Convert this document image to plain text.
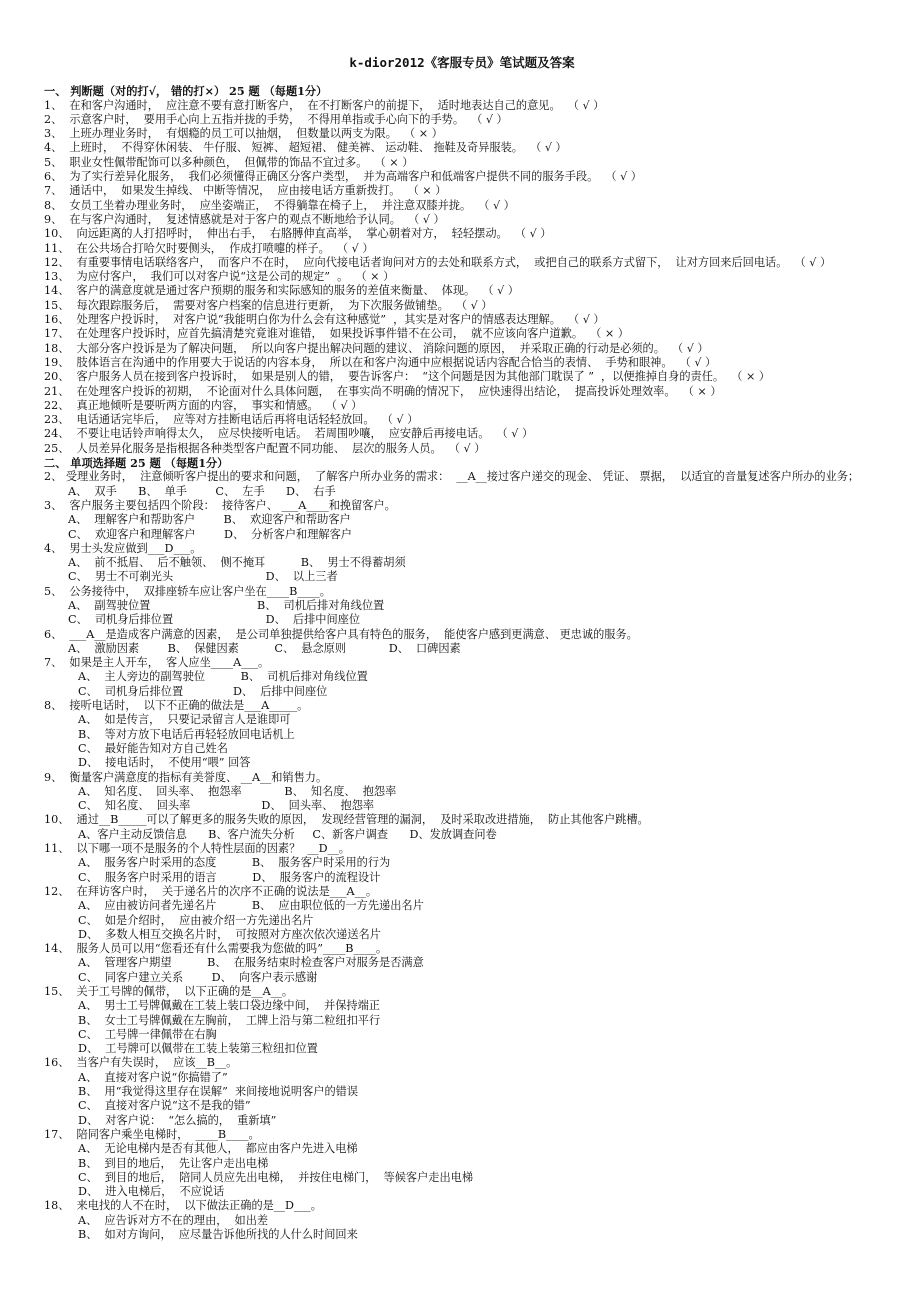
k-dior2012《客服专员》笔试题及答案
一、 判断题（对的打√， 错的打×） 25 题 （每题1分）
1、  在和客户沟通时，  应注意不要有意打断客户，  在不打断客户的前提下，  适时地表达自己的意见。  （ √ ）
2、  示意客户时，  要用手心向上五指并拢的手势，  不得用单指或手心向下的手势。  （ √ ）
3、  上班办理业务时，  有烟瘾的员工可以抽烟，  但数量以两支为限。  （ × ）
4、  上班时，  不得穿休闲装、 牛仔服、 短裤、 超短裙、 健美裤、 运动鞋、 拖鞋及奇异服装。  （ √ ）
5、  职业女性佩带配饰可以多种颜色，  但佩带的饰品不宜过多。  （ × ）
6、  为了实行差异化服务，  我们必须懂得正确区分客户类型，  并为高端客户和低端客户提供不同的服务手段。  （ √ ）
7、  通话中，  如果发生掉线、 中断等情况，  应由接电话方重新拨打。  （ × ）
8、  女员工坐着办理业务时，  应坐姿端正，  不得躺靠在椅子上，  并注意双膝并拢。  （ √ ）
9、  在与客户沟通时，  复述情感就是对于客户的观点不断地给予认同。  （ √ ）
10、  向远距离的人打招呼时，  伸出右手，  右胳膊伸直高举，  掌心朝着对方，  轻轻摆动。  （ √ ）
11、  在公共场合打哈欠时要侧头，  作成打喷嚏的样子。  （ √ ）
12、  有重要事情电话联络客户，  而客户不在时，  应向代接电话者询问对方的去处和联系方式，  或把自己的联系方式留下，  让对方回来后回电话。  （ √ ）
13、  为应付客户，  我们可以对客户说“这是公司的规定”  。  （ × ）
14、  客户的满意度就是通过客户预期的服务和实际感知的服务的差值来衡量、  体现。  （ √ ）
15、  每次跟踪服务后，  需要对客户档案的信息进行更新，  为下次服务做铺垫。  （ √ ）
16、  处理客户投诉时，  对客户说“我能明白你为什么会有这种感觉”  ，其实是对客户的情感表达理解。  （ √ ）
17、  在处理客户投诉时，应首先搞清楚究竟谁对谁错，  如果投诉事件错不在公司，  就不应该向客户道歉。  （ × ）
18、  大部分客户投诉是为了解决问题，  所以向客户提出解决问题的建议、 消除问题的原因，  并采取正确的行动是必须的。  （ √ ）
19、  肢体语言在沟通中的作用要大于说话的内容本身，  所以在和客户沟通中应根据说话内容配合恰当的表情、  手势和眼神。  （ √ ）
20、  客户服务人员在接到客户投诉时，  如果是别人的错，  要告诉客户：  “这个问题是因为其他部门耽误了 ”  ，以便推掉自身的责任。  （ × ）
21、  在处理客户投诉的初期，  不论面对什么具体问题，  在事实尚不明确的情况下，  应快速得出结论，  提高投诉处理效率。  （ × ）
22、  真正地倾听是要听两方面的内容，  事实和情感。  （ √ ）
23、  电话通话完毕后，  应等对方挂断电话后再将电话轻轻放回。  （ √ ）
24、  不要让电话铃声响得太久，  应尽快接听电话。  若周围吵嚷，  应安静后再接电话。  （ √ ）
25、  人员差异化服务是指根据各种类型客户配置不同功能、  层次的服务人员。  （ √ ）
二、 单项选择题 25 题 （每题1分）
2、 受理业务时，  注意倾听客户提出的要求和问题，  了解客户所办业务的需求：  __A__接过客户递交的现金、 凭证、 票据，  以适宜的音量复述客户所办的业务；
A、  双手      B、  单手        C、  左手      D、  右手
3、  客户服务主要包括四个阶段：  接待客户、 ___A____和挽留客户。
A、  理解客户和帮助客户        B、  欢迎客户和帮助客户
C、  欢迎客户和理解客户        D、  分析客户和理解客户
4、  男士头发应做到___D___。
A、  前不抵眉、  后不触领、  侧不掩耳          B、  男士不得蓄胡须
C、  男士不可剃光头                          D、  以上三者
5、  公务接待中，  双排座轿车应让客户坐在____B____。
A、  副驾驶位置                              B、  司机后排对角线位置
C、  司机身后排位置                          D、  后排中间座位
6、  ___A__是造成客户满意的因素，  是公司单独提供给客户具有特色的服务，  能使客户感到更满意、 更忠诚的服务。
A、  激励因素        B、  保健因素          C、  悬念原则            D、  口碑因素
7、  如果是主人开车，  客人应坐____A___。
A、  主人旁边的副驾驶位          B、  司机后排对角线位置
C、  司机身后排位置              D、  后排中间座位
8、  接听电话时，  以下不正确的做法是___A_____。
A、  如是传言，  只要记录留言人是谁即可
B、  等对方放下电话后再轻轻放回电话机上
C、  最好能告知对方自己姓名
D、  接电话时，  不使用“喂” 回答
9、  衡量客户满意度的指标有美誉度、 __A__和销售力。
A、  知名度、  回头率、  抱怨率            B、  知名度、  抱怨率
C、  知名度、  回头率                    D、  回头率、  抱怨率
10、  通过__B_____可以了解更多的服务失败的原因，  发现经营管理的漏洞，  及时采取改进措施，  防止其他客户跳槽。
A、客户主动反馈信息      B、客户流失分析     C、新客户调查      D、发放调查问卷
11、  以下哪一项不是服务的个人特性层面的因素？  __D__。
A、  服务客户时采用的态度          B、  服务客户时采用的行为
C、  服务客户时采用的语言          D、  服务客户的流程设计
12、  在拜访客户时，  关于递名片的次序不正确的说法是___A__。
A、  应由被访问者先递名片          B、  应由职位低的一方先递出名片
C、  如是介绍时，  应由被介绍一方先递出名片
D、  多数人相互交换名片时，  可按照对方座次依次递送名片
14、  服务人员可以用“您看还有什么需要我为您做的吗”____B____。
A、  管理客户期望          B、  在服务结束时检查客户对服务是否满意
C、  同客户建立关系        D、  向客户表示感谢
15、  关于工号牌的佩带，  以下正确的是__A__。
A、  男士工号牌佩戴在工装上装口袋边缘中间，  并保持端正
B、  女士工号牌佩戴在左胸前，  工牌上沿与第二粒纽扣平行
C、  工号牌一律佩带在右胸
D、  工号牌可以佩带在工装上装第三粒纽扣位置
16、  当客户有失误时，  应该__B__。
A、  直接对客户说“你搞错了”
B、  用“我觉得这里存在误解”  来间接地说明客户的错误
C、  直接对客户说“这不是我的错”
D、  对客户说：  “怎么搞的，  重新填”
17、  陪同客户乘坐电梯时，  ____B____。
A、  无论电梯内是否有其他人，  都应由客户先进入电梯
B、  到目的地后，  先让客户走出电梯
C、  到目的地后，  陪同人员应先出电梯，  并按住电梯门，  等候客户走出电梯
D、  进入电梯后，  不应说话
18、  来电找的人不在时，  以下做法正确的是__D___。
A、  应告诉对方不在的理由，  如出差
B、  如对方询问，  应尽量告诉他所找的人什么时间回来
